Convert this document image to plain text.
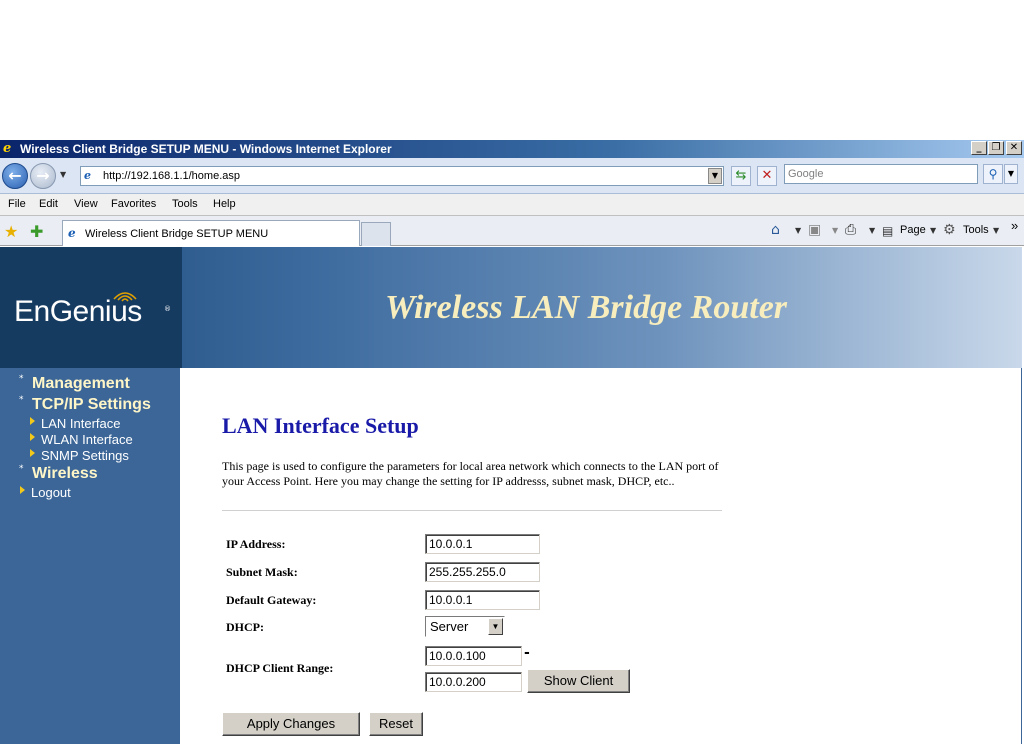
e Wireless Client Bridge SETUP MENU - Windows Internet Explorer	_	❐ ✕
← →	▼ e	http://192.168.1.1/home.asp	▼	⇆	✕	Google	⚲	▼
File Edit View Favorites Tools Help
★ ✚ e Wireless Client Bridge SETUP MENU	⌂ ▼ ▣ ▼ ⎙ ▼ ▤ Page ▼ ⚙ Tools ▼ »
EnGenius	®	Wireless LAN Bridge Router
* Management
* TCP/IP Settings
LAN Interface
WLAN Interface
SNMP Settings
* Wireless
Logout
LAN Interface Setup
This page is used to configure the parameters for local area network which connects to the LAN port of your Access Point. Here you may change the setting for IP addresss, subnet mask, DHCP, etc..
IP Address:	10.0.0.1
Subnet Mask:	255.255.255.0
Default Gateway:	10.0.0.1
DHCP:	Server	▼
DHCP Client Range:
10.0.0.100	-
10.0.0.200	Show Client
Apply Changes	Reset
